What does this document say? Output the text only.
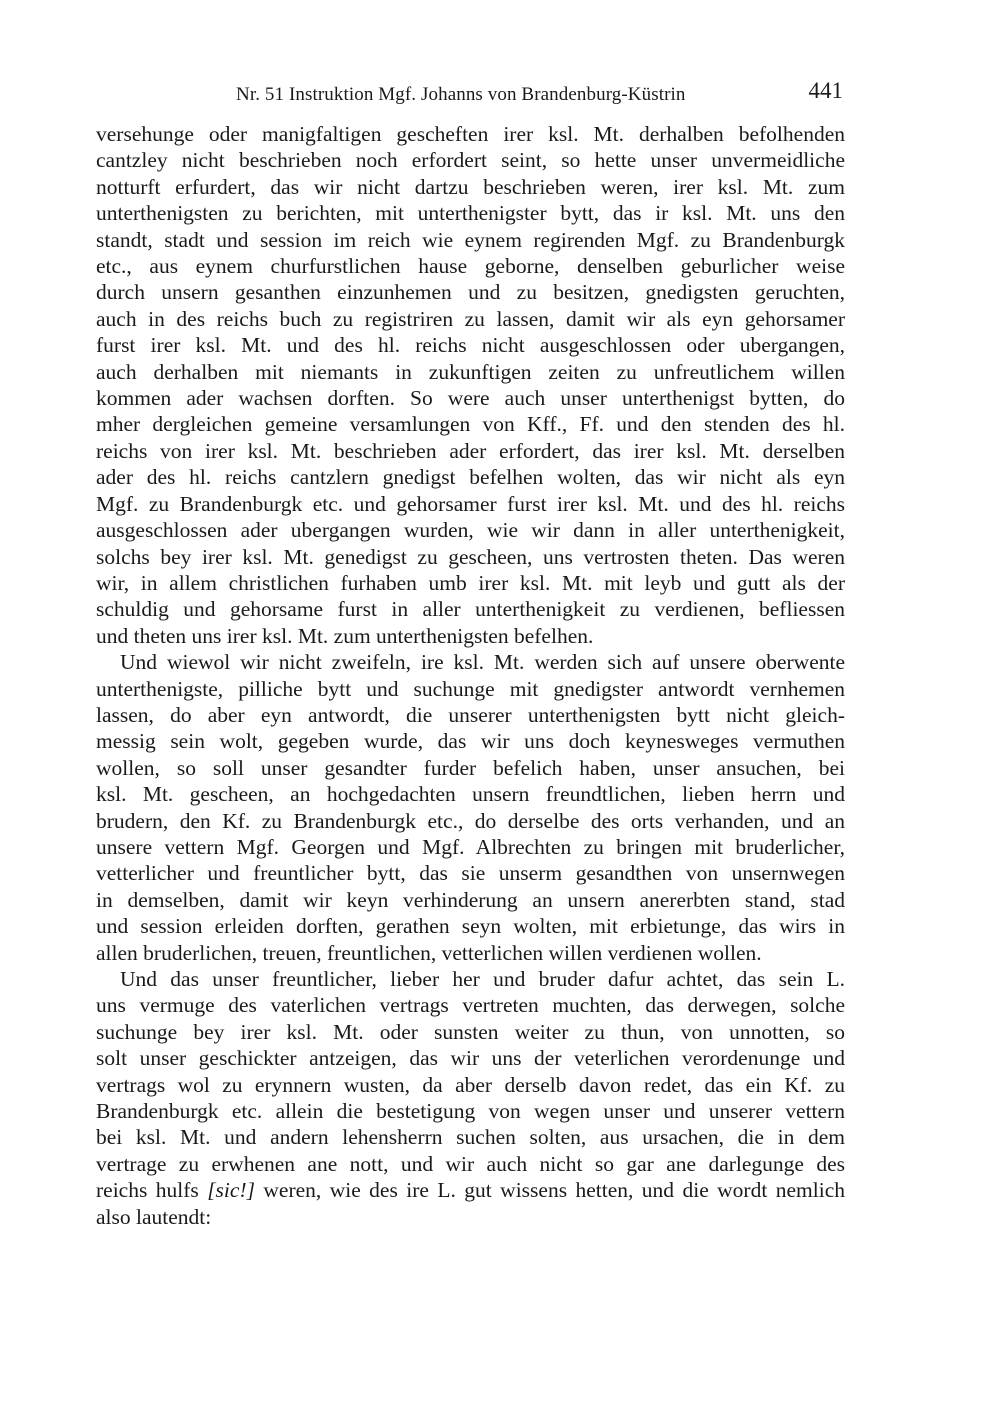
Nr. 51 Instruktion Mgf. Johanns von Brandenburg-Küstrin	441

versehunge oder manigfaltigen gescheften irer ksl. Mt. derhalben befolhenden
cantzley nicht beschrieben noch erfordert seint, so hette unser unvermeidliche
notturft erfurdert, das wir nicht dartzu beschrieben weren, irer ksl. Mt. zum
unterthenigsten zu berichten, mit unterthenigster bytt, das ir ksl. Mt. uns den
standt, stadt und session im reich wie eynem regirenden Mgf. zu Brandenburgk
etc., aus eynem churfurstlichen hause geborne, denselben geburlicher weise
durch unsern gesanthen einzunhemen und zu besitzen, gnedigsten geruchten,
auch in des reichs buch zu registriren zu lassen, damit wir als eyn gehorsamer
furst irer ksl. Mt. und des hl. reichs nicht ausgeschlossen oder ubergangen,
auch derhalben mit niemants in zukunftigen zeiten zu unfreutlichem willen
kommen ader wachsen dorften. So were auch unser unterthenigst bytten, do
mher dergleichen gemeine versamlungen von Kff., Ff. und den stenden des hl.
reichs von irer ksl. Mt. beschrieben ader erfordert, das irer ksl. Mt. derselben
ader des hl. reichs cantzlern gnedigst befelhen wolten, das wir nicht als eyn
Mgf. zu Brandenburgk etc. und gehorsamer furst irer ksl. Mt. und des hl. reichs
ausgeschlossen ader ubergangen wurden, wie wir dann in aller unterthenigkeit,
solchs bey irer ksl. Mt. genedigst zu gescheen, uns vertrosten theten. Das weren
wir, in allem christlichen furhaben umb irer ksl. Mt. mit leyb und gutt als der
schuldig und gehorsame furst in aller unterthenigkeit zu verdienen, befliessen
und theten uns irer ksl. Mt. zum unterthenigsten befelhen.

Und wiewol wir nicht zweifeln, ire ksl. Mt. werden sich auf unsere oberwente
unterthenigste, pilliche bytt und suchunge mit gnedigster antwordt vernhemen
lassen, do aber eyn antwordt, die unserer unterthenigsten bytt nicht gleich-
messig sein wolt, gegeben wurde, das wir uns doch keynesweges vermuthen
wollen, so soll unser gesandter furder befelich haben, unser ansuchen, bei
ksl. Mt. gescheen, an hochgedachten unsern freundtlichen, lieben herrn und
brudern, den Kf. zu Brandenburgk etc., do derselbe des orts verhanden, und an
unsere vettern Mgf. Georgen und Mgf. Albrechten zu bringen mit bruderlicher,
vetterlicher und freuntlicher bytt, das sie unserm gesandthen von unsernwegen
in demselben, damit wir keyn verhinderung an unsern anererbten stand, stad
und session erleiden dorften, gerathen seyn wolten, mit erbietunge, das wirs in
allen bruderlichen, treuen, freuntlichen, vetterlichen willen verdienen wollen.

Und das unser freuntlicher, lieber her und bruder dafur achtet, das sein L.
uns vermuge des vaterlichen vertrags vertreten muchten, das derwegen, solche
suchunge bey irer ksl. Mt. oder sunsten weiter zu thun, von unnotten, so
solt unser geschickter antzeigen, das wir uns der veterlichen verordenunge und
vertrags wol zu erynnern wusten, da aber derselb davon redet, das ein Kf. zu
Brandenburgk etc. allein die bestetigung von wegen unser und unserer vettern
bei ksl. Mt. und andern lehensherrn suchen solten, aus ursachen, die in dem
vertrage zu erwhenen ane nott, und wir auch nicht so gar ane darlegunge des
reichs hulfs [sic!] weren, wie des ire L. gut wissens hetten, und die wordt nemlich
also lautendt:
